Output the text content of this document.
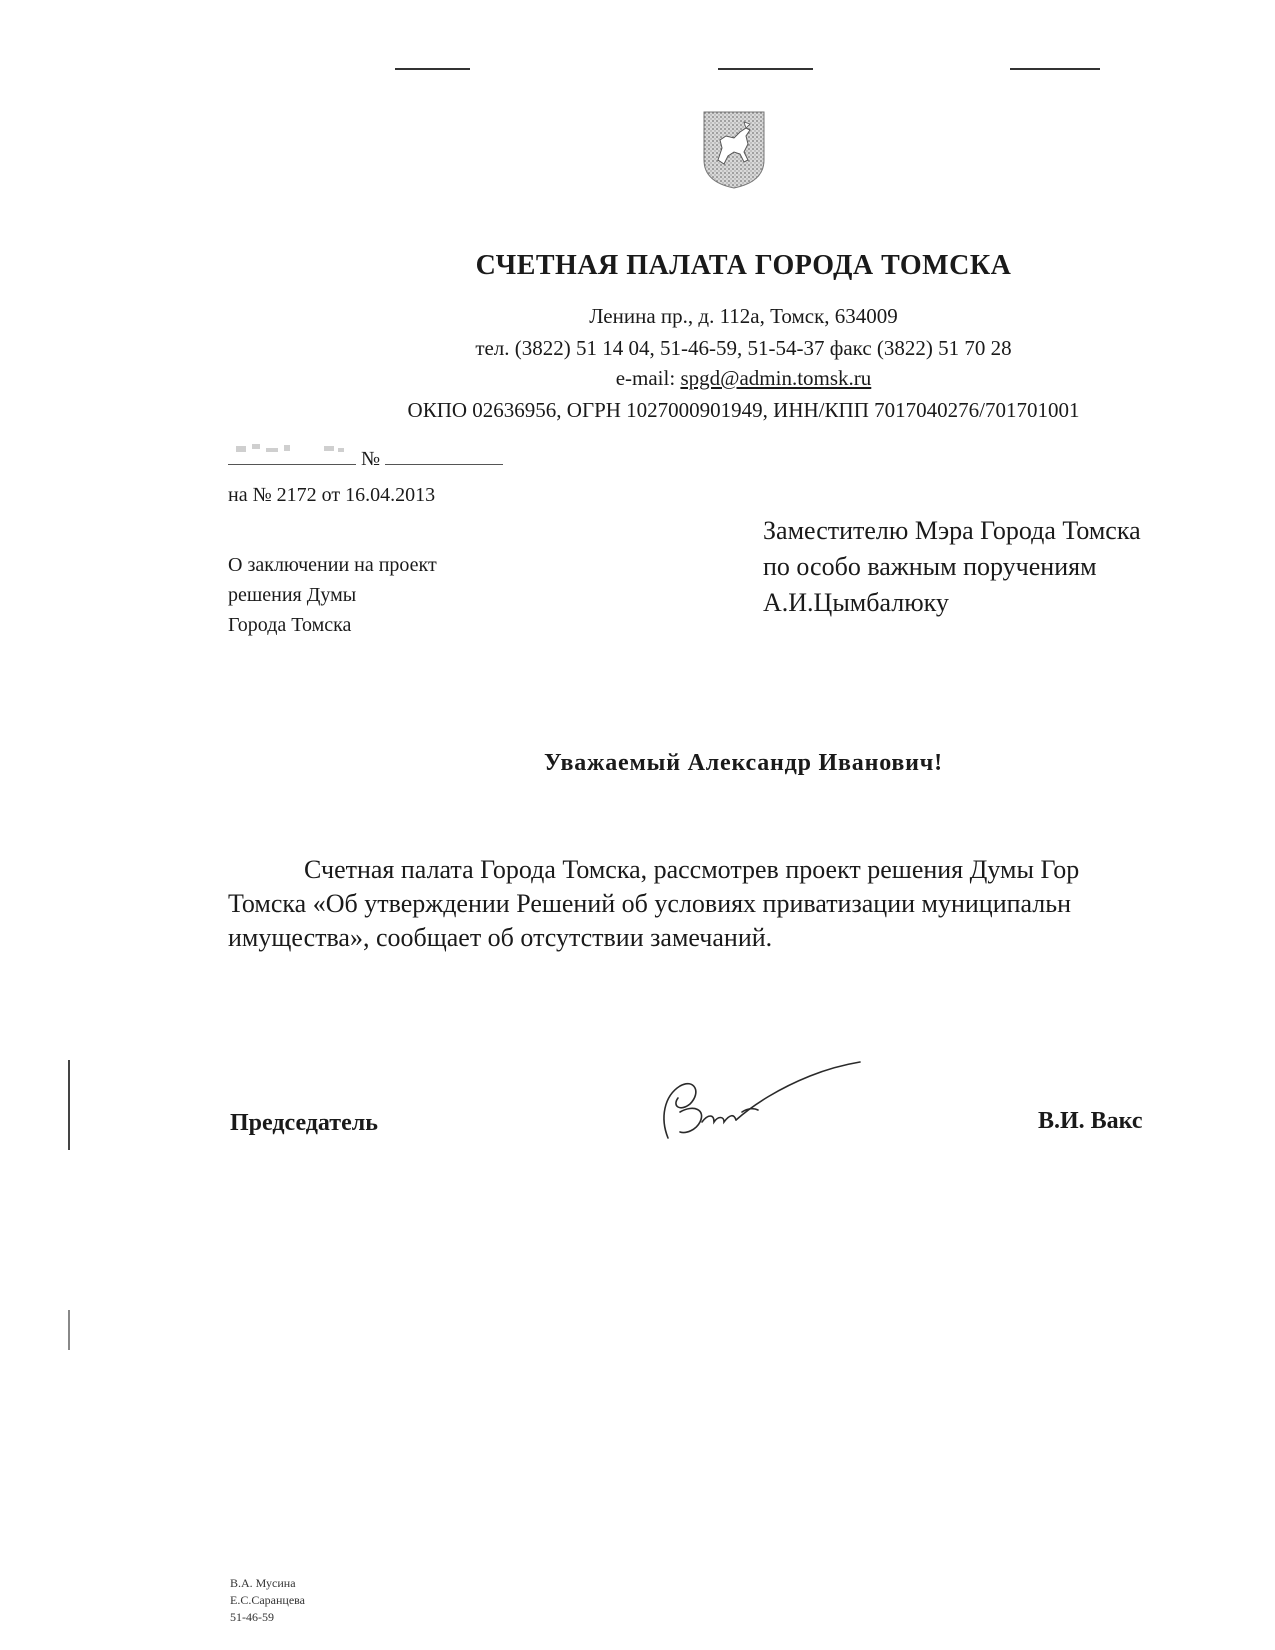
СЧЕТНАЯ ПАЛАТА ГОРОДА ТОМСКА
Ленина пр., д. 112а, Томск, 634009
тел. (3822) 51 14 04, 51-46-59, 51-54-37 факс (3822) 51 70 28
e-mail: spgd@admin.tomsk.ru
ОКПО 02636956, ОГРН 1027000901949, ИНН/КПП 7017040276/701701001
№
на № 2172 от 16.04.2013
О заключении на проект
решения Думы
Города Томска
Заместителю Мэра Города Томска
по особо важным поручениям
А.И.Цымбалюку
Уважаемый Александр Иванович!
Счетная палата Города Томска, рассмотрев проект решения Думы Гор
Томска «Об утверждении Решений об условиях приватизации муниципальн
имущества», сообщает об отсутствии замечаний.
Председатель	В.И. Вакс
В.А. Мусина
Е.С.Саранцева
51-46-59
